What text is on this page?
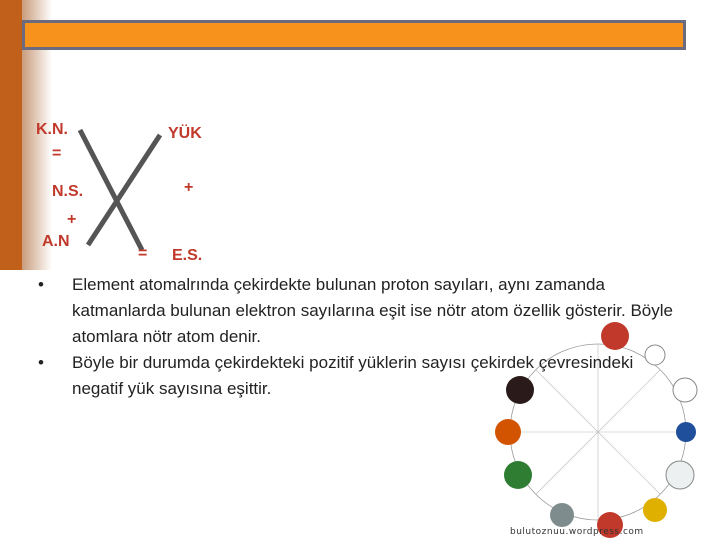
K.N.
=
N.S.
+
A.N
YÜK
+
= E.S.
• Element atomalrında çekirdekte bulunan proton sayıları, aynı zamanda katmanlarda bulunan elektron sayılarına eşit ise nötr atom özellik gösterir. Böyle atomlara nötr atom denir.
• Böyle bir durumda çekirdekteki pozitif yüklerin sayısı çekirdek çevresindeki negatif yük sayısına eşittir.
bulutoznuu.wordpress.com
